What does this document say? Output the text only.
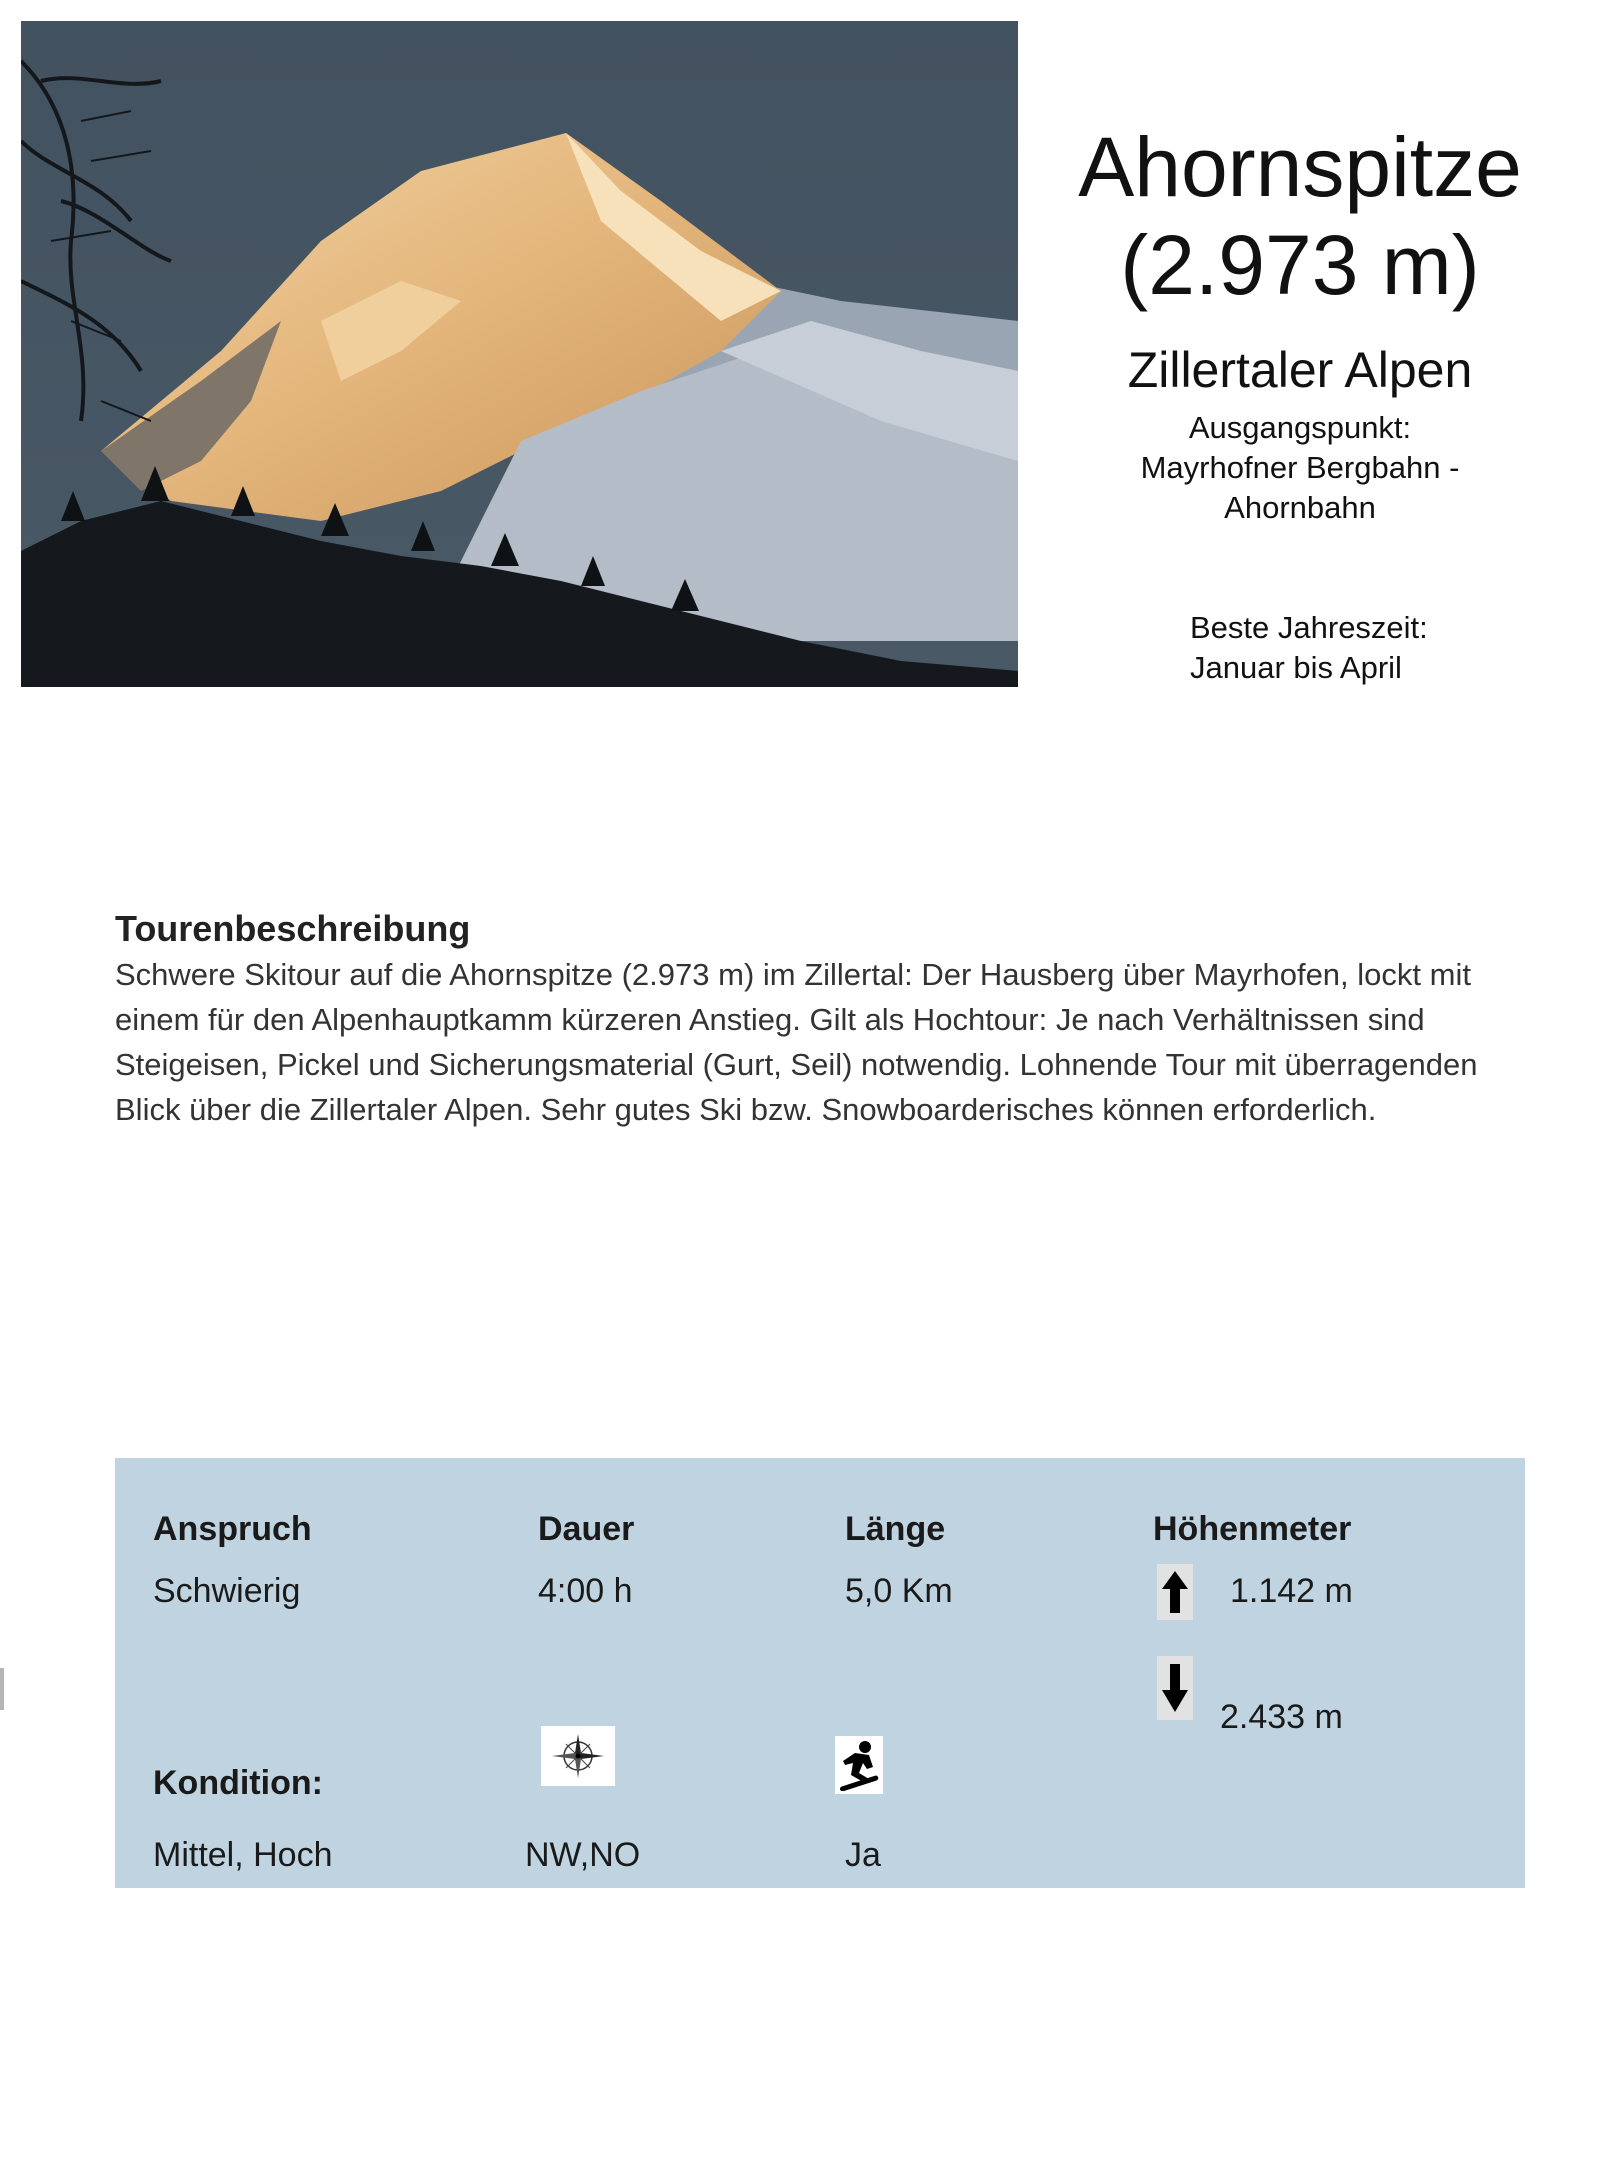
Ahornspitze
(2.973 m)
Zillertaler Alpen
Ausgangspunkt:
Mayrhofner Bergbahn -
Ahornbahn
Beste Jahreszeit:
Januar bis April
Tourenbeschreibung
Schwere Skitour auf die Ahornspitze (2.973 m) im Zillertal: Der Hausberg über Mayrhofen, lockt mit einem für den Alpenhauptkamm kürzeren Anstieg. Gilt als Hochtour: Je nach Verhältnissen sind Steigeisen, Pickel und Sicherungsmaterial (Gurt, Seil) notwendig. Lohnende Tour mit überragenden Blick über die Zillertaler Alpen. Sehr gutes Ski bzw. Snowboarderisches können erforderlich.
Anspruch
Schwierig
Dauer
4:00 h
Länge
5,0 Km
Höhenmeter
1.142 m
2.433 m
Kondition:
Mittel, Hoch	NW,NO	Ja
